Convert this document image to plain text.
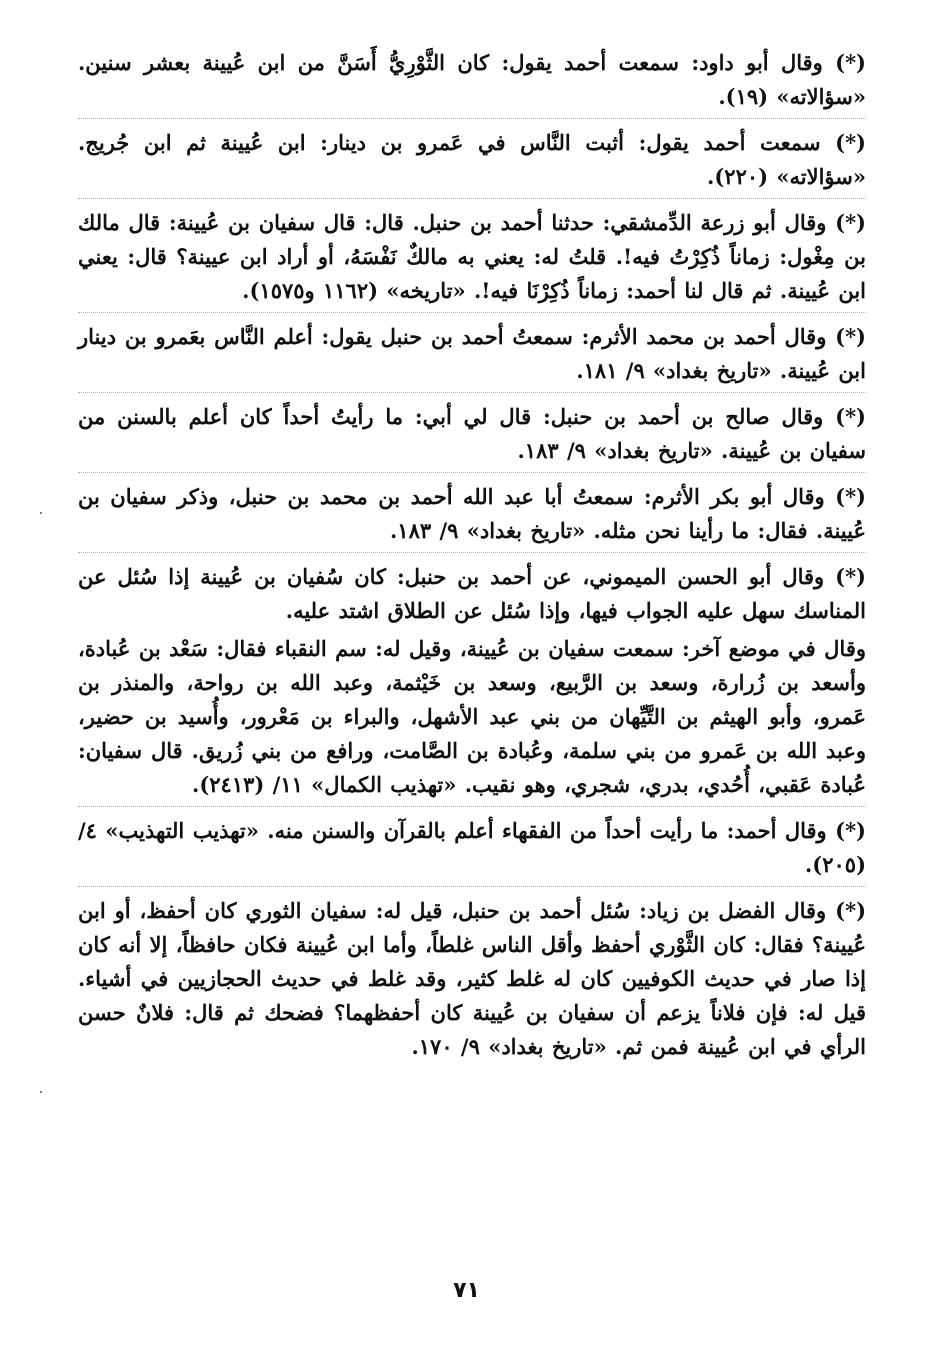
(*) وقال أبو داود: سمعت أحمد يقول: كان الثَّوْرِيُّ أَسَنَّ من ابن عُيينة بعشر سنين. «سؤالاته» (١٩).

(*) سمعت أحمد يقول: أثبت النَّاس في عَمرو بن دينار: ابن عُيينة ثم ابن جُريج. «سؤالاته» (٢٢٠).

(*) وقال أبو زرعة الدِّمشقي: حدثنا أحمد بن حنبل. قال: قال سفيان بن عُيينة: قال مالك بن مِغْول: زماناً ذُكِرْتُ فيه!. قلتُ له: يعني به مالكٌ نَفْسَهُ، أو أراد ابن عيينة؟ قال: يعني ابن عُيينة. ثم قال لنا أحمد: زماناً ذُكِرْنَا فيه!. «تاريخه» (١١٦٢ و١٥٧٥).

(*) وقال أحمد بن محمد الأثرم: سمعتُ أحمد بن حنبل يقول: أعلم النَّاس بعَمرو بن دينار ابن عُيينة. «تاريخ بغداد» ٩/ ١٨١.

(*) وقال صالح بن أحمد بن حنبل: قال لي أبي: ما رأيتُ أحداً كان أعلم بالسنن من سفيان بن عُيينة. «تاريخ بغداد» ٩/ ١٨٣.

(*) وقال أبو بكر الأثرم: سمعتُ أبا عبد الله أحمد بن محمد بن حنبل، وذكر سفيان بن عُيينة. فقال: ما رأينا نحن مثله. «تاريخ بغداد» ٩/ ١٨٣.

(*) وقال أبو الحسن الميموني، عن أحمد بن حنبل: كان سُفيان بن عُيينة إذا سُئل عن المناسك سهل عليه الجواب فيها، وإذا سُئل عن الطلاق اشتد عليه.

وقال في موضع آخر: سمعت سفيان بن عُيينة، وقيل له: سم النقباء فقال: سَعْد بن عُبادة، وأسعد بن زُرارة، وسعد بن الرَّبيع، وسعد بن خَيْثمة، وعبد الله بن رواحة، والمنذر بن عَمرو، وأبو الهيثم بن التَّيِّهان من بني عبد الأشهل، والبراء بن مَعْرور، وأُسيد بن حضير، وعبد الله بن عَمرو من بني سلمة، وعُبادة بن الصَّامت، ورافع من بني زُريق. قال سفيان: عُبادة عَقبي، أُحُدي، بدري، شجري، وهو نقيب. «تهذيب الكمال» ١١/ (٢٤١٣).

(*) وقال أحمد: ما رأيت أحداً من الفقهاء أعلم بالقرآن والسنن منه. «تهذيب التهذيب» ٤/ (٢٠٥).

(*) وقال الفضل بن زياد: سُئل أحمد بن حنبل، قيل له: سفيان الثوري كان أحفظ، أو ابن عُيينة؟ فقال: كان الثَّوْري أحفظ وأقل الناس غلطاً، وأما ابن عُيينة فكان حافظاً، إلا أنه كان إذا صار في حديث الكوفيين كان له غلط كثير، وقد غلط في حديث الحجازيين في أشياء. قيل له: فإن فلاناً يزعم أن سفيان بن عُيينة كان أحفظهما؟ فضحك ثم قال: فلانٌ حسن الرأي في ابن عُيينة فمن ثم. «تاريخ بغداد» ٩/ ١٧٠.

٧١
